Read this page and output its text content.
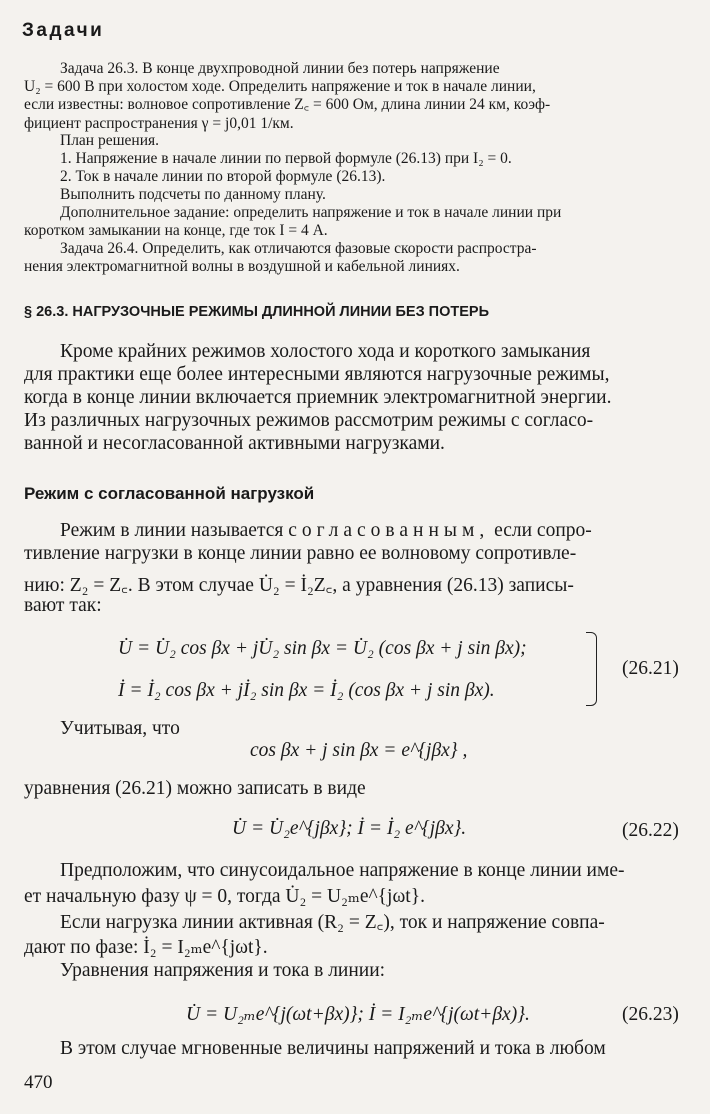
Задачи
Задача 26.3. В конце двухпроводной линии без потерь напряжение
U₂ = 600 В при холостом ходе. Определить напряжение и ток в начале линии,
если известны: волновое сопротивление Z꜀ = 600 Ом, длина линии 24 км, коэф-
фициент распространения γ = j0,01 1/км.
План решения.
1. Напряжение в начале линии по первой формуле (26.13) при I₂ = 0.
2. Ток в начале линии по второй формуле (26.13).
Выполнить подсчеты по данному плану.
Дополнительное задание: определить напряжение и ток в начале линии при
коротком замыкании на конце, где ток I = 4 А.
Задача 26.4. Определить, как отличаются фазовые скорости распростра-
нения электромагнитной волны в воздушной и кабельной линиях.
§ 26.3. НАГРУЗОЧНЫЕ РЕЖИМЫ ДЛИННОЙ ЛИНИИ БЕЗ ПОТЕРЬ
Кроме крайних режимов холостого хода и короткого замыкания
для практики еще более интересными являются нагрузочные режимы,
когда в конце линии включается приемник электромагнитной энергии.
Из различных нагрузочных режимов рассмотрим режимы с согласо-
ванной и несогласованной активными нагрузками.
Режим с согласованной нагрузкой
Режим в линии называется согласованным, если сопро-
тивление нагрузки в конце линии равно ее волновому сопротивле-
нию: Z₂ = Z꜀. В этом случае U̇₂ = İ₂Z꜀, а уравнения (26.13) записы-
вают так:
U̇ = U̇₂ cos βx + jU̇₂ sin βx = U̇₂ (cos βx + j sin βx);
İ = İ₂ cos βx + jİ₂ sin βx = İ₂ (cos βx + j sin βx).
(26.21)
Учитывая, что
cos βx + j sin βx = e^{jβx} ,
уравнения (26.21) можно записать в виде
U̇ = U̇₂e^{jβx}; İ = İ₂ e^{jβx}.	(26.22)
Предположим, что синусоидальное напряжение в конце линии име-
ет начальную фазу ψ = 0, тогда U̇₂ = U₂ₘe^{jωt}.
Если нагрузка линии активная (R₂ = Z꜀), ток и напряжение совпа-
дают по фазе: İ₂ = I₂ₘe^{jωt}.
Уравнения напряжения и тока в линии:
U̇ = U₂ₘe^{j(ωt+βx)}; İ = I₂ₘe^{j(ωt+βx)}.	(26.23)
В этом случае мгновенные величины напряжений и тока в любом
470
